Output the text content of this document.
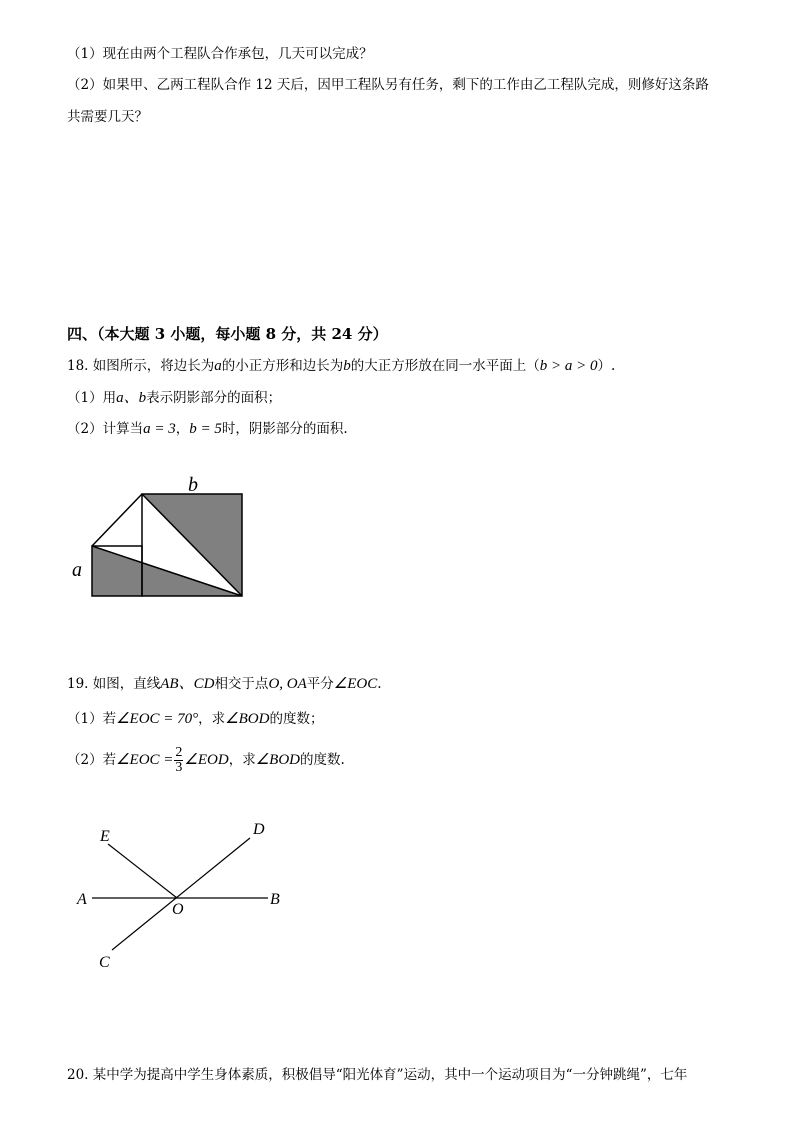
（1）现在由两个工程队合作承包，几天可以完成？
（2）如果甲、乙两工程队合作 12 天后，因甲工程队另有任务，剩下的工作由乙工程队完成，则修好这条路
共需要几天？
四、（本大题 3 小题，每小题 8 分，共 24 分）
18. 如图所示，将边长为a的小正方形和边长为b的大正方形放在同一水平面上（b > a > 0）.
（1）用a、b表示阴影部分的面积；
（2）计算当a = 3，b = 5时，阴影部分的面积.
b
a
19. 如图，直线AB、CD相交于点O, OA平分∠EOC.
（1）若∠EOC = 70°，求∠BOD的度数；
（2）若∠EOC = $\frac{2}{3}$ ∠EOD，求∠BOD的度数.
E	D
A
O
B
C
20. 某中学为提高中学生身体素质，积极倡导“阳光体育”运动，其中一个运动项目为“一分钟跳绳”，七年
